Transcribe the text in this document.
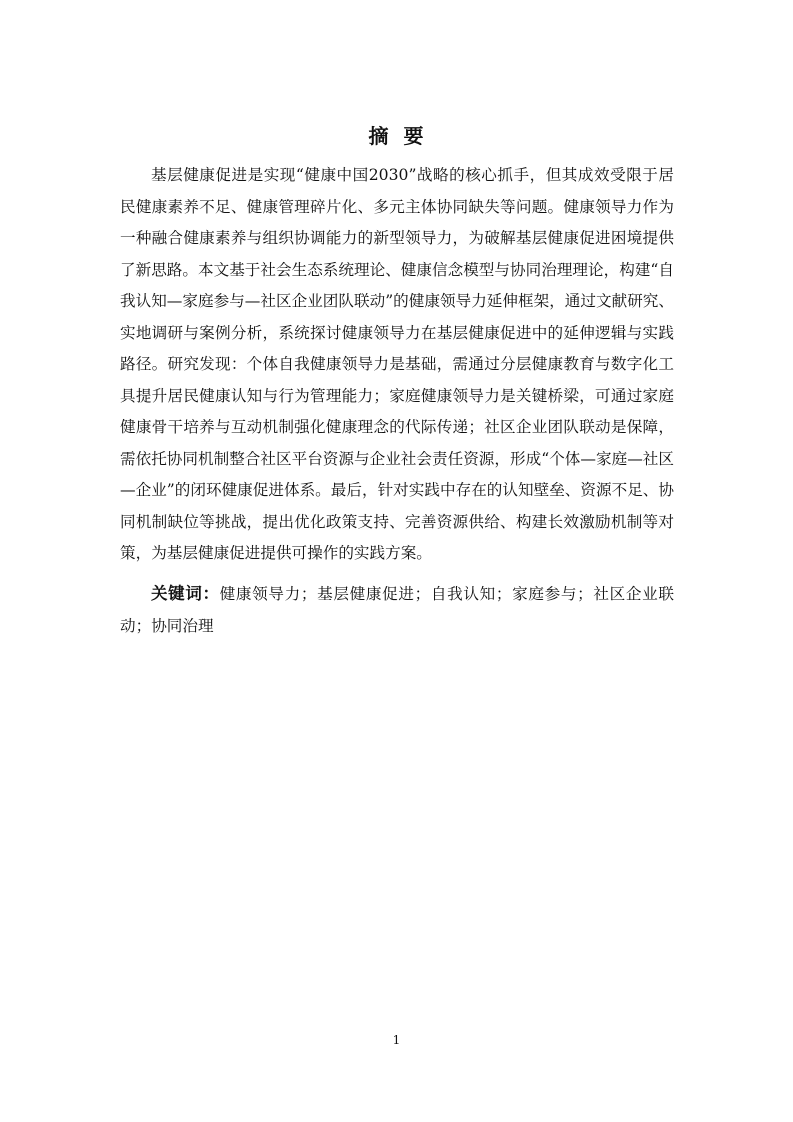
摘 要

基层健康促进是实现“健康中国2030”战略的核心抓手，但其成效受限于居民健康素养不足、健康管理碎片化、多元主体协同缺失等问题。健康领导力作为一种融合健康素养与组织协调能力的新型领导力，为破解基层健康促进困境提供了新思路。本文基于社会生态系统理论、健康信念模型与协同治理理论，构建“自我认知—家庭参与—社区企业团队联动”的健康领导力延伸框架，通过文献研究、实地调研与案例分析，系统探讨健康领导力在基层健康促进中的延伸逻辑与实践路径。研究发现：个体自我健康领导力是基础，需通过分层健康教育与数字化工具提升居民健康认知与行为管理能力；家庭健康领导力是关键桥梁，可通过家庭健康骨干培养与互动机制强化健康理念的代际传递；社区企业团队联动是保障，需依托协同机制整合社区平台资源与企业社会责任资源，形成“个体—家庭—社区—企业”的闭环健康促进体系。最后，针对实践中存在的认知壁垒、资源不足、协同机制缺位等挑战，提出优化政策支持、完善资源供给、构建长效激励机制等对策，为基层健康促进提供可操作的实践方案。

关键词：健康领导力；基层健康促进；自我认知；家庭参与；社区企业联动；协同治理

1
